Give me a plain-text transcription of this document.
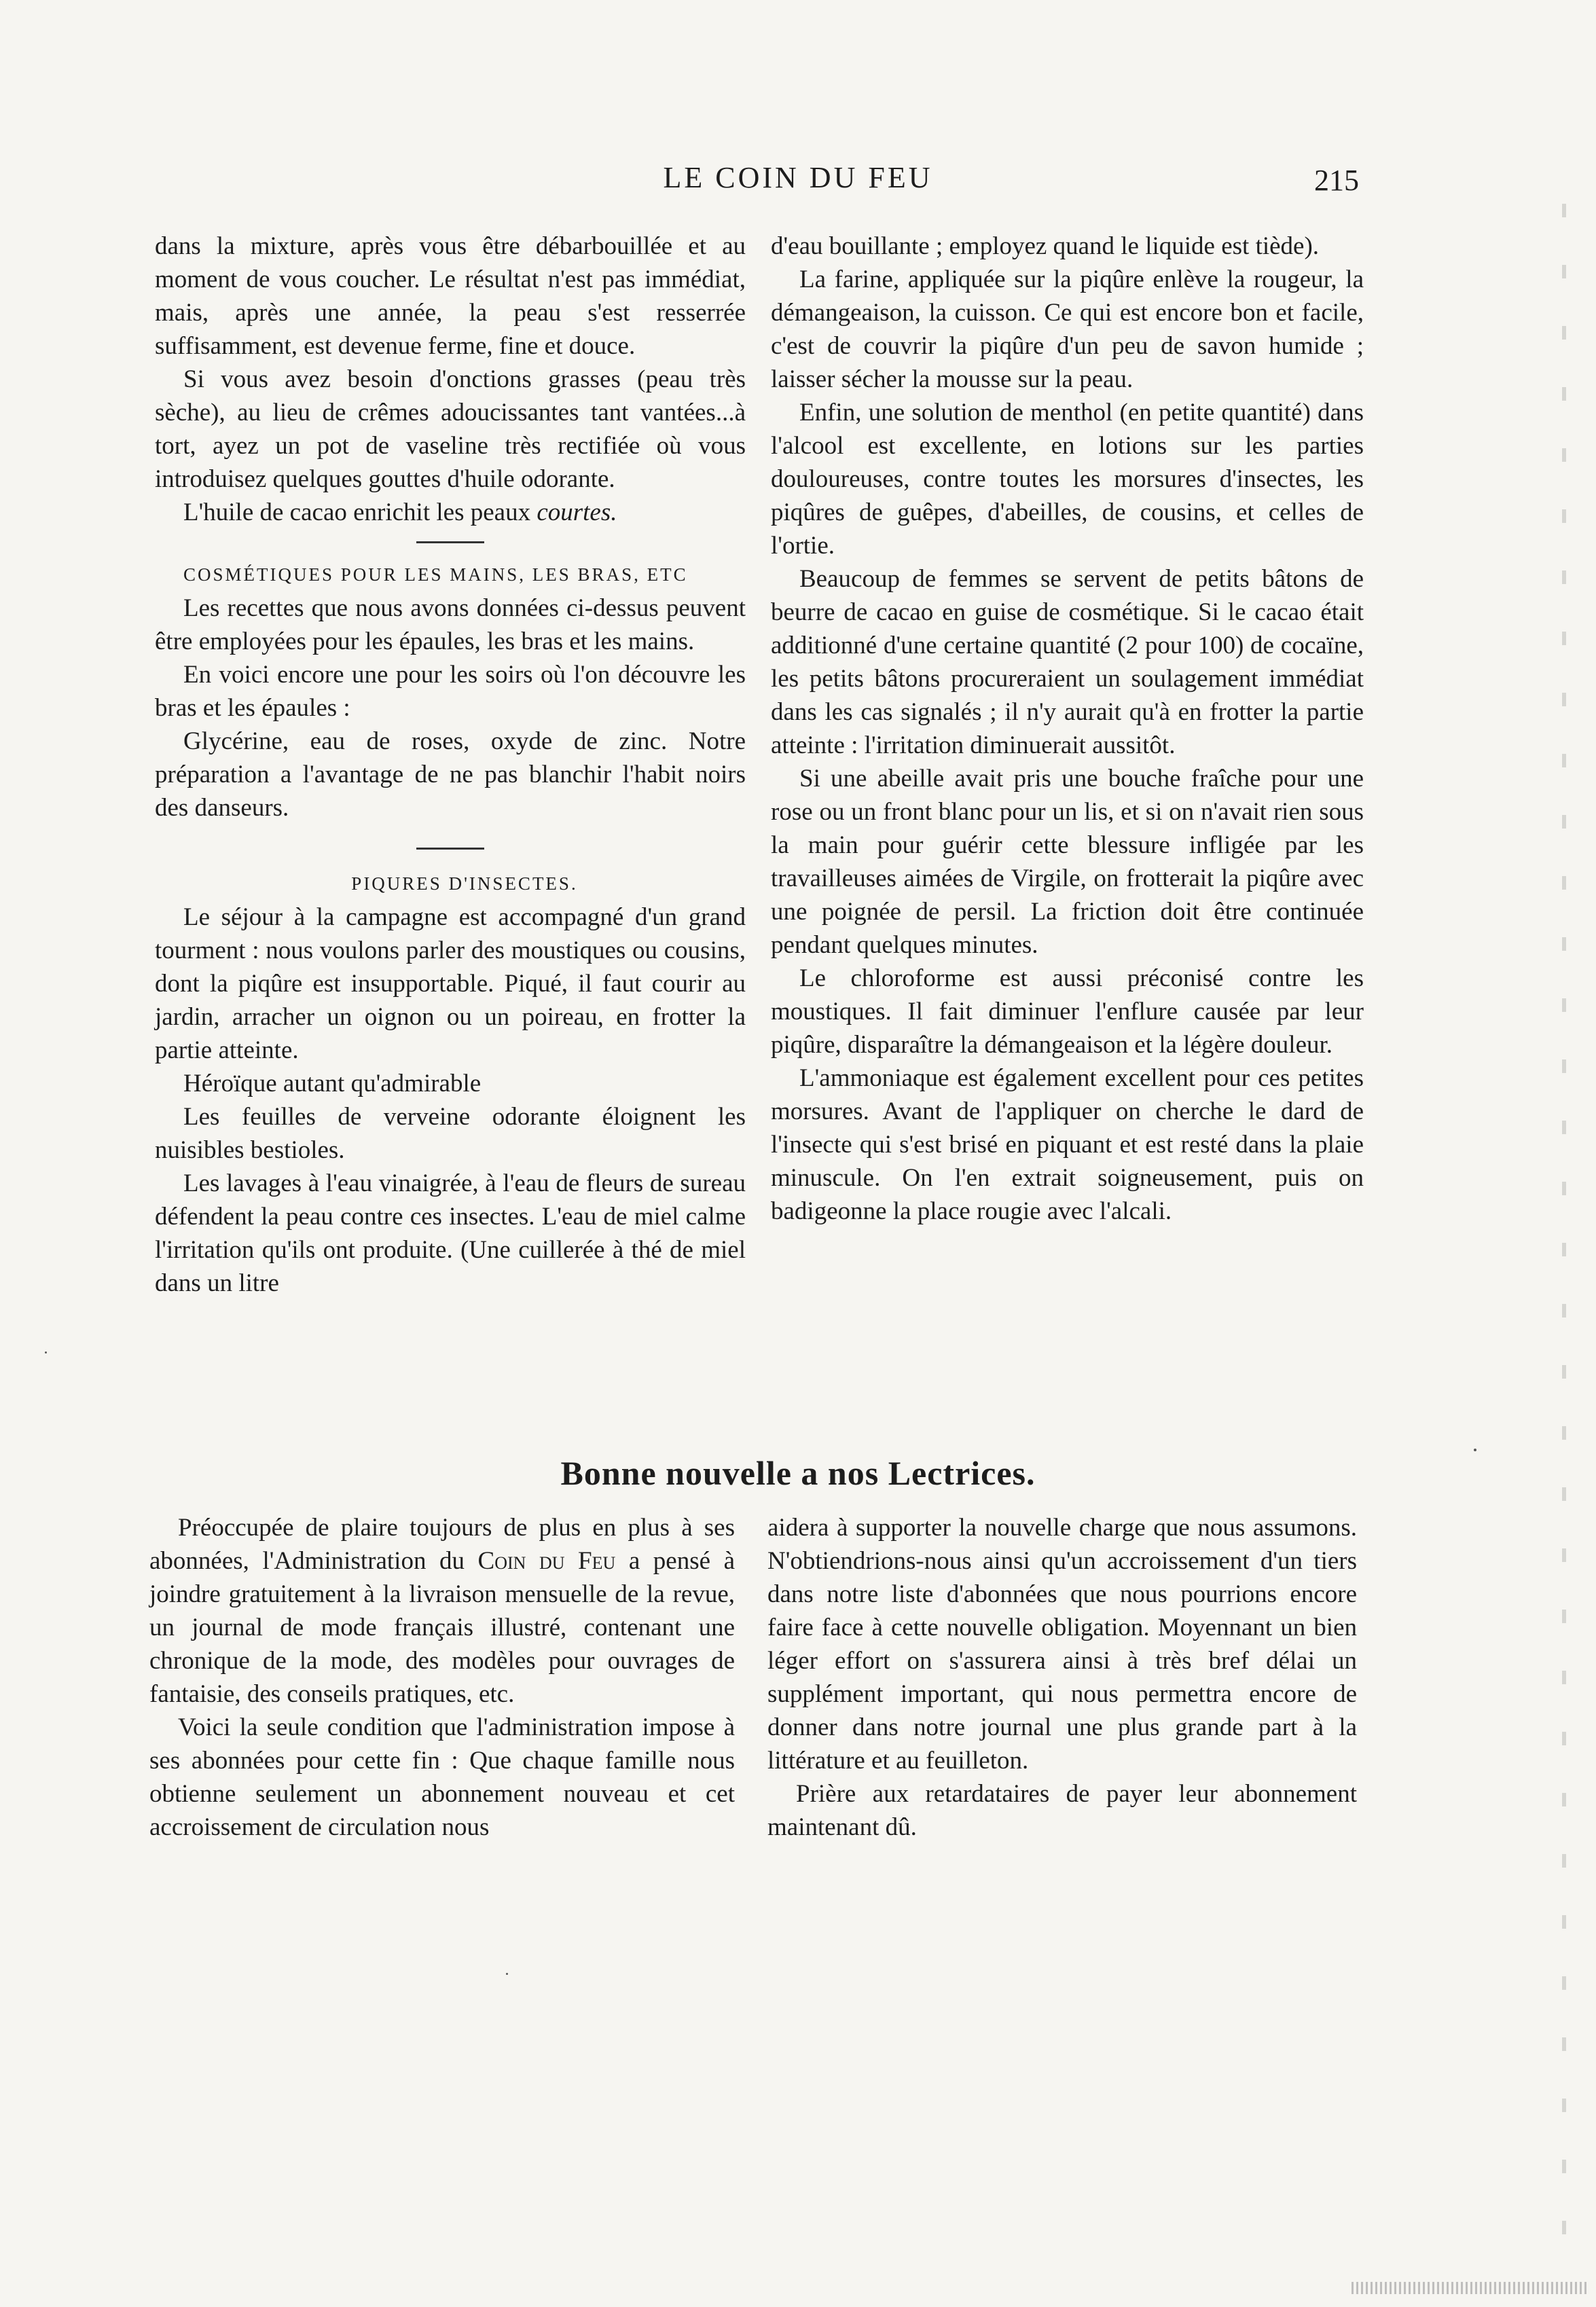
LE COIN DU FEU	215

dans la mixture, après vous être débarbouillée et au moment de vous coucher. Le résultat n'est pas immédiat, mais, après une année, la peau s'est resserrée suffisamment, est devenue ferme, fine et douce.

Si vous avez besoin d'onctions grasses (peau très sèche), au lieu de crêmes adoucissantes tant vantées...à tort, ayez un pot de vaseline très rectifiée où vous introduisez quelques gouttes d'huile odorante.

L'huile de cacao enrichit les peaux courtes.

COSMÉTIQUES POUR LES MAINS, LES BRAS, ETC

Les recettes que nous avons données ci-dessus peuvent être employées pour les épaules, les bras et les mains.

En voici encore une pour les soirs où l'on découvre les bras et les épaules :

Glycérine, eau de roses, oxyde de zinc. Notre préparation a l'avantage de ne pas blanchir l'habit noirs des danseurs.

PIQURES D'INSECTES.

Le séjour à la campagne est accompagné d'un grand tourment : nous voulons parler des moustiques ou cousins, dont la piqûre est insupportable. Piqué, il faut courir au jardin, arracher un oignon ou un poireau, en frotter la partie atteinte.

Héroïque autant qu'admirable

Les feuilles de verveine odorante éloignent les nuisibles bestioles.

Les lavages à l'eau vinaigrée, à l'eau de fleurs de sureau défendent la peau contre ces insectes. L'eau de miel calme l'irritation qu'ils ont produite. (Une cuillerée à thé de miel dans un litre

d'eau bouillante ; employez quand le liquide est tiède).

La farine, appliquée sur la piqûre enlève la rougeur, la démangeaison, la cuisson. Ce qui est encore bon et facile, c'est de couvrir la piqûre d'un peu de savon humide ; laisser sécher la mousse sur la peau.

Enfin, une solution de menthol (en petite quantité) dans l'alcool est excellente, en lotions sur les parties douloureuses, contre toutes les morsures d'insectes, les piqûres de guêpes, d'abeilles, de cousins, et celles de l'ortie.

Beaucoup de femmes se servent de petits bâtons de beurre de cacao en guise de cosmétique. Si le cacao était additionné d'une certaine quantité (2 pour 100) de cocaïne, les petits bâtons procureraient un soulagement immédiat dans les cas signalés ; il n'y aurait qu'à en frotter la partie atteinte : l'irritation diminuerait aussitôt.

Si une abeille avait pris une bouche fraîche pour une rose ou un front blanc pour un lis, et si on n'avait rien sous la main pour guérir cette blessure infligée par les travailleuses aimées de Virgile, on frotterait la piqûre avec une poignée de persil. La friction doit être continuée pendant quelques minutes.

Le chloroforme est aussi préconisé contre les moustiques. Il fait diminuer l'enflure causée par leur piqûre, disparaître la démangeaison et la légère douleur.

L'ammoniaque est également excellent pour ces petites morsures. Avant de l'appliquer on cherche le dard de l'insecte qui s'est brisé en piquant et est resté dans la plaie minuscule. On l'en extrait soigneusement, puis on badigeonne la place rougie avec l'alcali.

Bonne nouvelle a nos Lectrices.

Préoccupée de plaire toujours de plus en plus à ses abonnées, l'Administration du Coin du Feu a pensé à joindre gratuitement à la livraison mensuelle de la revue, un journal de mode français illustré, contenant une chronique de la mode, des modèles pour ouvrages de fantaisie, des conseils pratiques, etc.

Voici la seule condition que l'administration impose à ses abonnées pour cette fin : Que chaque famille nous obtienne seulement un abonnement nouveau et cet accroissement de circulation nous

aidera à supporter la nouvelle charge que nous assumons. N'obtiendrions-nous ainsi qu'un accroissement d'un tiers dans notre liste d'abonnées que nous pourrions encore faire face à cette nouvelle obligation. Moyennant un bien léger effort on s'assurera ainsi à très bref délai un supplément important, qui nous permettra encore de donner dans notre journal une plus grande part à la littérature et au feuilleton.

Prière aux retardataires de payer leur abonnement maintenant dû.
